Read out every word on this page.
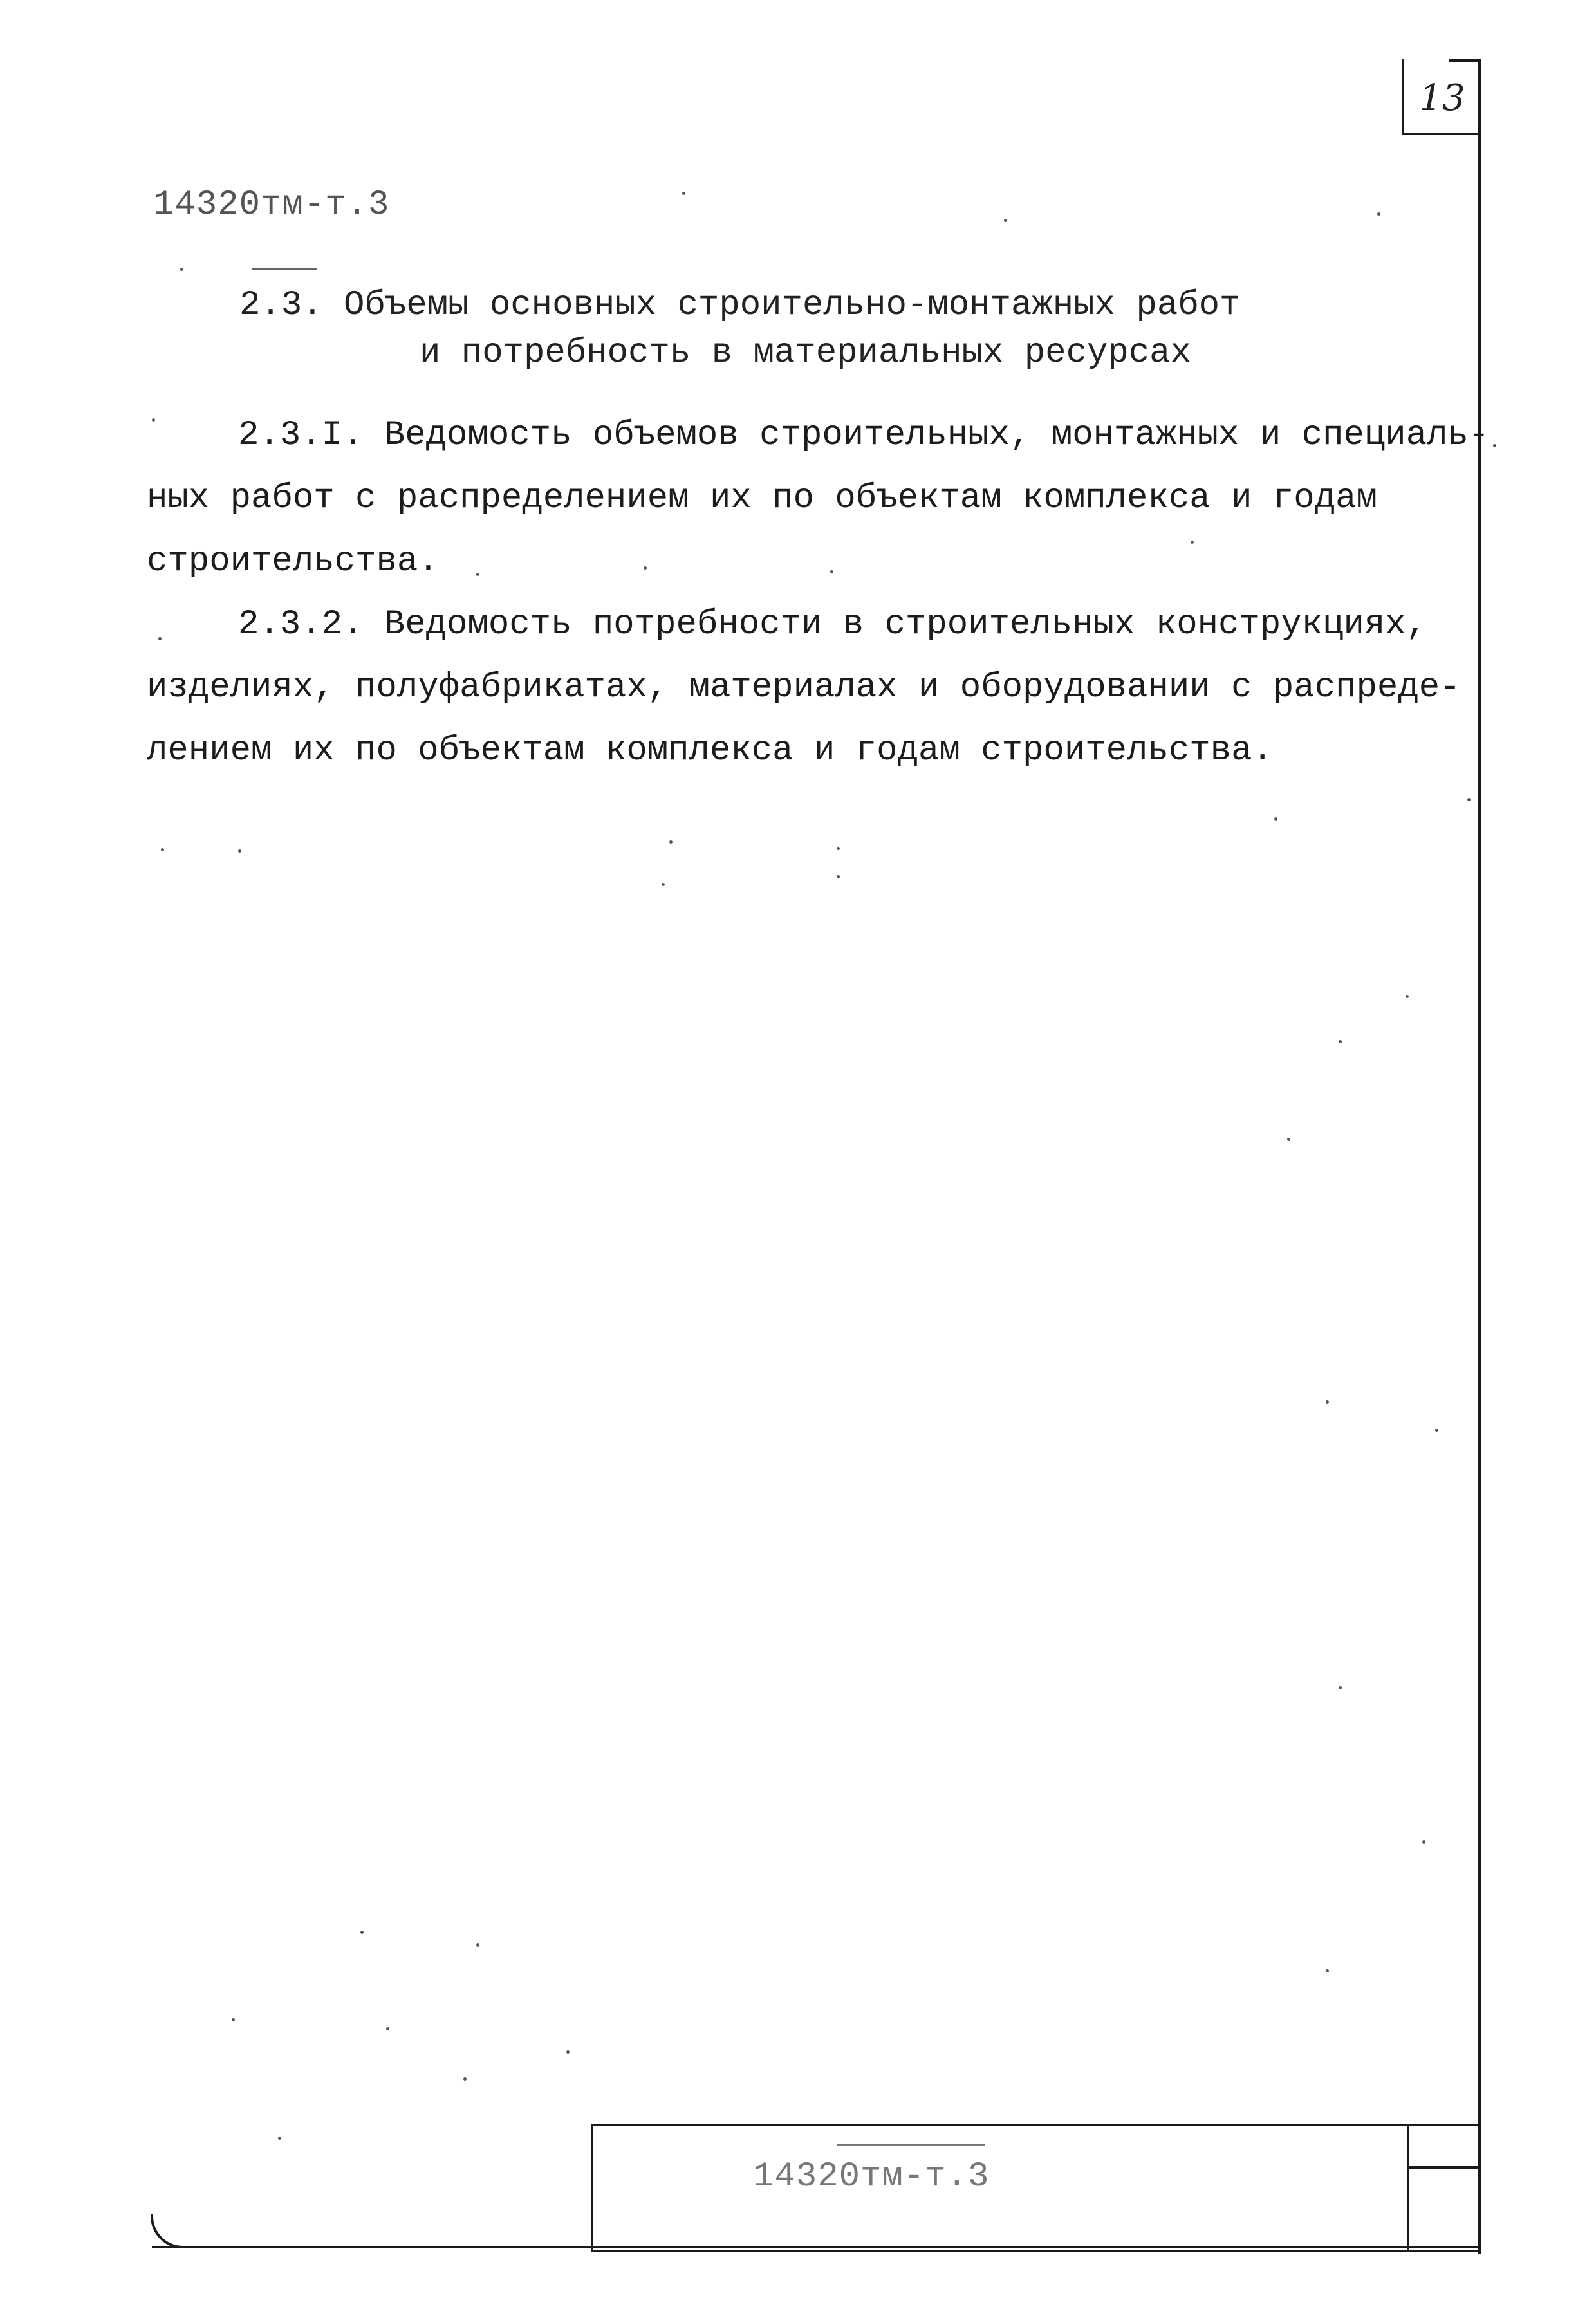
13
14320тм-т.3
2.3. Объемы основных строительно-монтажных работ
и потребность в материальных ресурсах
2.3.I. Ведомость объемов строительных, монтажных и специаль-
ных работ с распределением их по объектам комплекса и годам
строительства.
2.3.2. Ведомость потребности в строительных конструкциях,
изделиях, полуфабрикатах, материалах и оборудовании с распреде-
лением их по объектам комплекса и годам строительства.
14320тм-т.3
